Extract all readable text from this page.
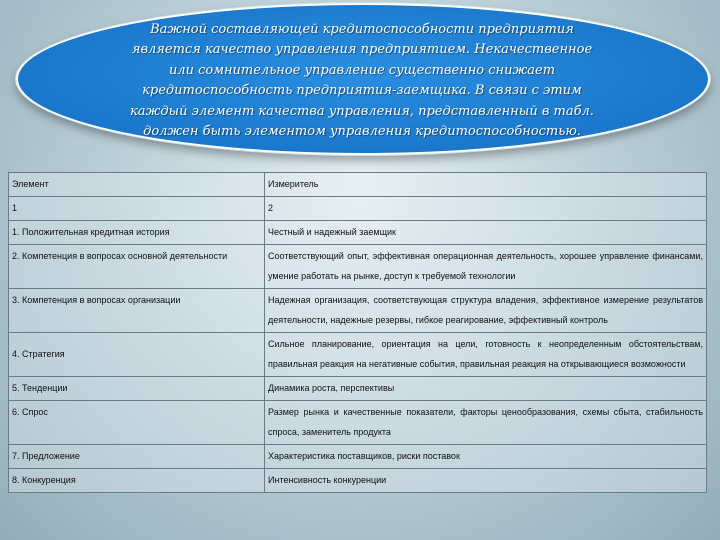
Важной составляющей кредитоспособности предприятия
является качество управления предприятием. Некачественное
или сомнительное управление существенно снижает
кредитоспособность предприятия-заемщика. В связи с этим
каждый элемент качества управления, представленный в табл.
должен быть элементом управления кредитоспособностью.
Элемент	Измеритель
1	2
1. Положительная кредитная история	Честный и надежный заемщик
2. Компетенция в вопросах основной деятельности	Соответствующий опыт, эффективная операционная деятельность, хорошее управление финансами, умение работать на рынке, доступ к требуемой технологии
3. Компетенция в вопросах организации	Надежная организация, соответствующая структура владения, эффективное измерение результатов деятельности, надежные резервы, гибкое реагирование, эффективный контроль
4. Стратегия	Сильное планирование, ориентация на цели, готовность к неопределенным обстоятельствам, правильная реакция на негативные события, правильная реакция на открывающиеся возможности
5. Тенденции	Динамика роста, перспективы
6. Спрос	Размер рынка и качественные показатели, факторы ценообразования, схемы сбыта, стабильность спроса, заменитель продукта
7. Предложение	Характеристика поставщиков, риски поставок
8. Конкуренция	Интенсивность конкуренции
